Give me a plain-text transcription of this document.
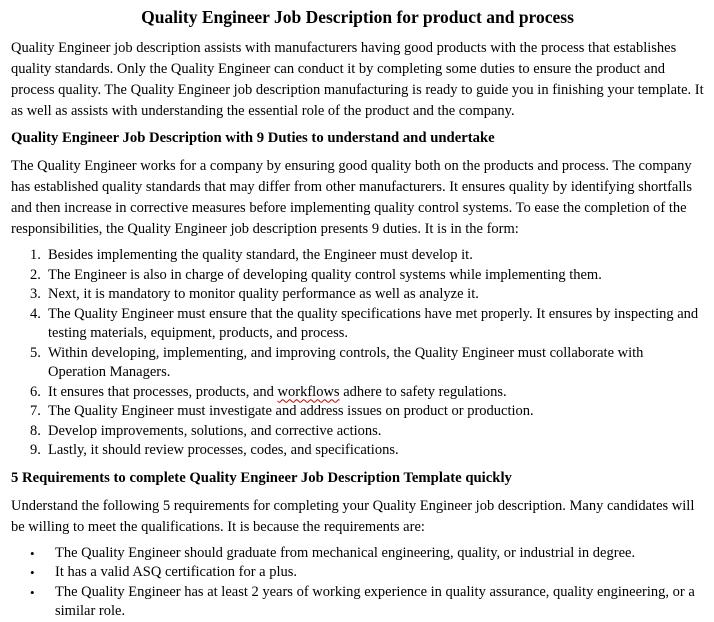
Quality Engineer Job Description for product and process

Quality Engineer job description assists with manufacturers having good products with the process that establishes quality standards. Only the Quality Engineer can conduct it by completing some duties to ensure the product and process quality. The Quality Engineer job description manufacturing is ready to guide you in finishing your template. It as well as assists with understanding the essential role of the product and the company.

Quality Engineer Job Description with 9 Duties to understand and undertake

The Quality Engineer works for a company by ensuring good quality both on the products and process. The company has established quality standards that may differ from other manufacturers. It ensures quality by identifying shortfalls and then increase in corrective measures before implementing quality control systems. To ease the completion of the responsibilities, the Quality Engineer job description presents 9 duties. It is in the form:

1. Besides implementing the quality standard, the Engineer must develop it.
2. The Engineer is also in charge of developing quality control systems while implementing them.
3. Next, it is mandatory to monitor quality performance as well as analyze it.
4. The Quality Engineer must ensure that the quality specifications have met properly. It ensures by inspecting and testing materials, equipment, products, and process.
5. Within developing, implementing, and improving controls, the Quality Engineer must collaborate with Operation Managers.
6. It ensures that processes, products, and workflows adhere to safety regulations.
7. The Quality Engineer must investigate and address issues on product or production.
8. Develop improvements, solutions, and corrective actions.
9. Lastly, it should review processes, codes, and specifications.
5 Requirements to complete Quality Engineer Job Description Template quickly

Understand the following 5 requirements for completing your Quality Engineer job description. Many candidates will be willing to meet the qualifications. It is because the requirements are:

•	The Quality Engineer should graduate from mechanical engineering, quality, or industrial in degree.
•	It has a valid ASQ certification for a plus.
•	The Quality Engineer has at least 2 years of working experience in quality assurance, quality engineering, or a similar role.
